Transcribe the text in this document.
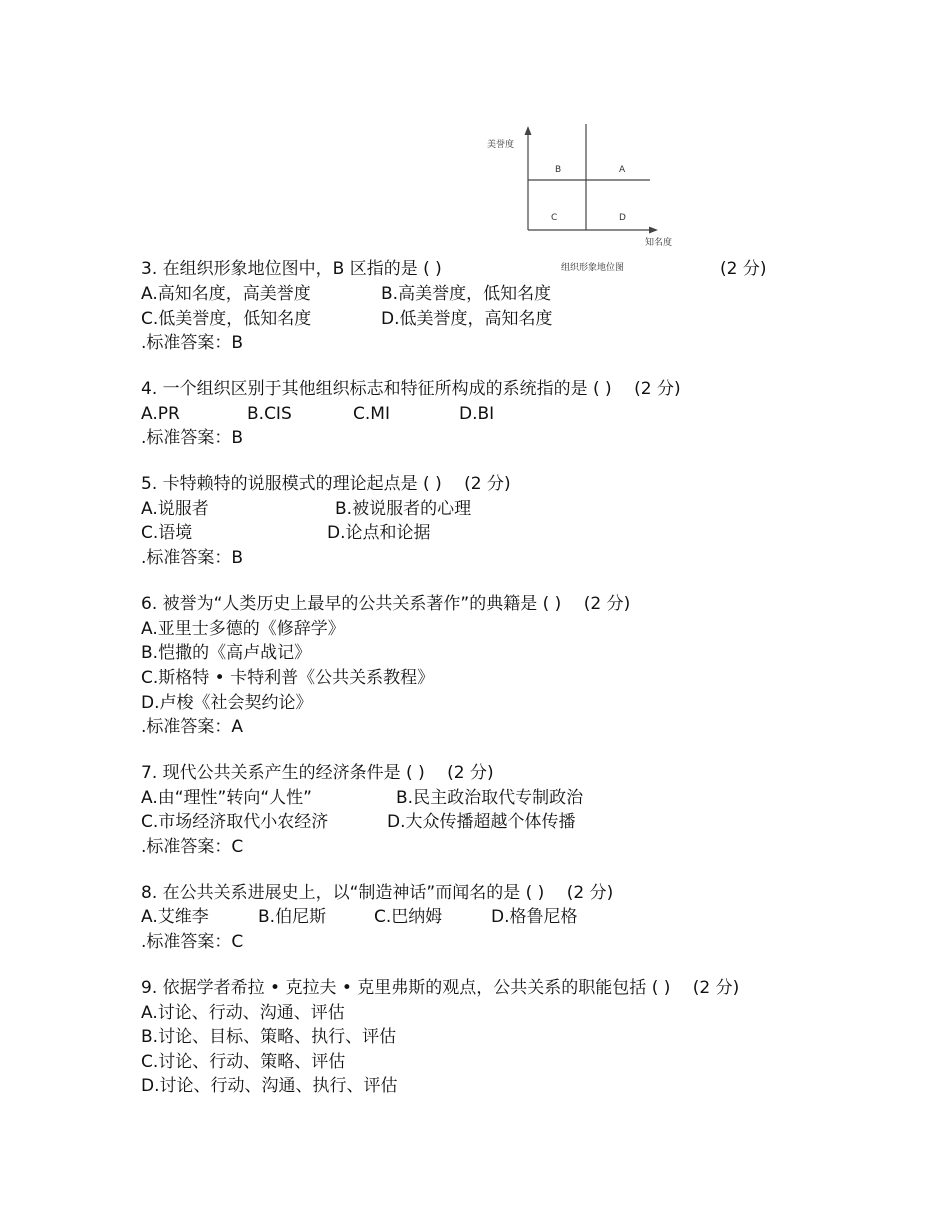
美誉度
B	A
C	D
知名度
组织形象地位图
3. 在组织形象地位图中，B 区指的是 ( )	(2 分)
A.高知名度，高美誉度	B.高美誉度，低知名度
C.低美誉度，低知名度	D.低美誉度，高知名度
.标准答案：B
4. 一个组织区别于其他组织标志和特征所构成的系统指的是 ( )　 (2 分)
A.PR	B.CIS	C.MI	D.BI
.标准答案：B
5. 卡特赖特的说服模式的理论起点是 ( )　 (2 分)
A.说服者	B.被说服者的心理
C.语境	D.论点和论据
.标准答案：B
6. 被誉为“人类历史上最早的公共关系著作”的典籍是 ( )　 (2 分)
A.亚里士多德的《修辞学》
B.恺撒的《高卢战记》
C.斯格特 • 卡特利普《公共关系教程》
D.卢梭《社会契约论》
.标准答案：A
7. 现代公共关系产生的经济条件是 ( )　 (2 分)
A.由“理性”转向“人性”	B.民主政治取代专制政治
C.市场经济取代小农经济	D.大众传播超越个体传播
.标准答案：C
8. 在公共关系进展史上，以“制造神话”而闻名的是 ( )　 (2 分)
A.艾维李	B.伯尼斯	C.巴纳姆	D.格鲁尼格
.标准答案：C
9. 依据学者希拉 • 克拉夫 • 克里弗斯的观点，公共关系的职能包括 ( )　 (2 分)
A.讨论、行动、沟通、评估
B.讨论、目标、策略、执行、评估
C.讨论、行动、策略、评估
D.讨论、行动、沟通、执行、评估
